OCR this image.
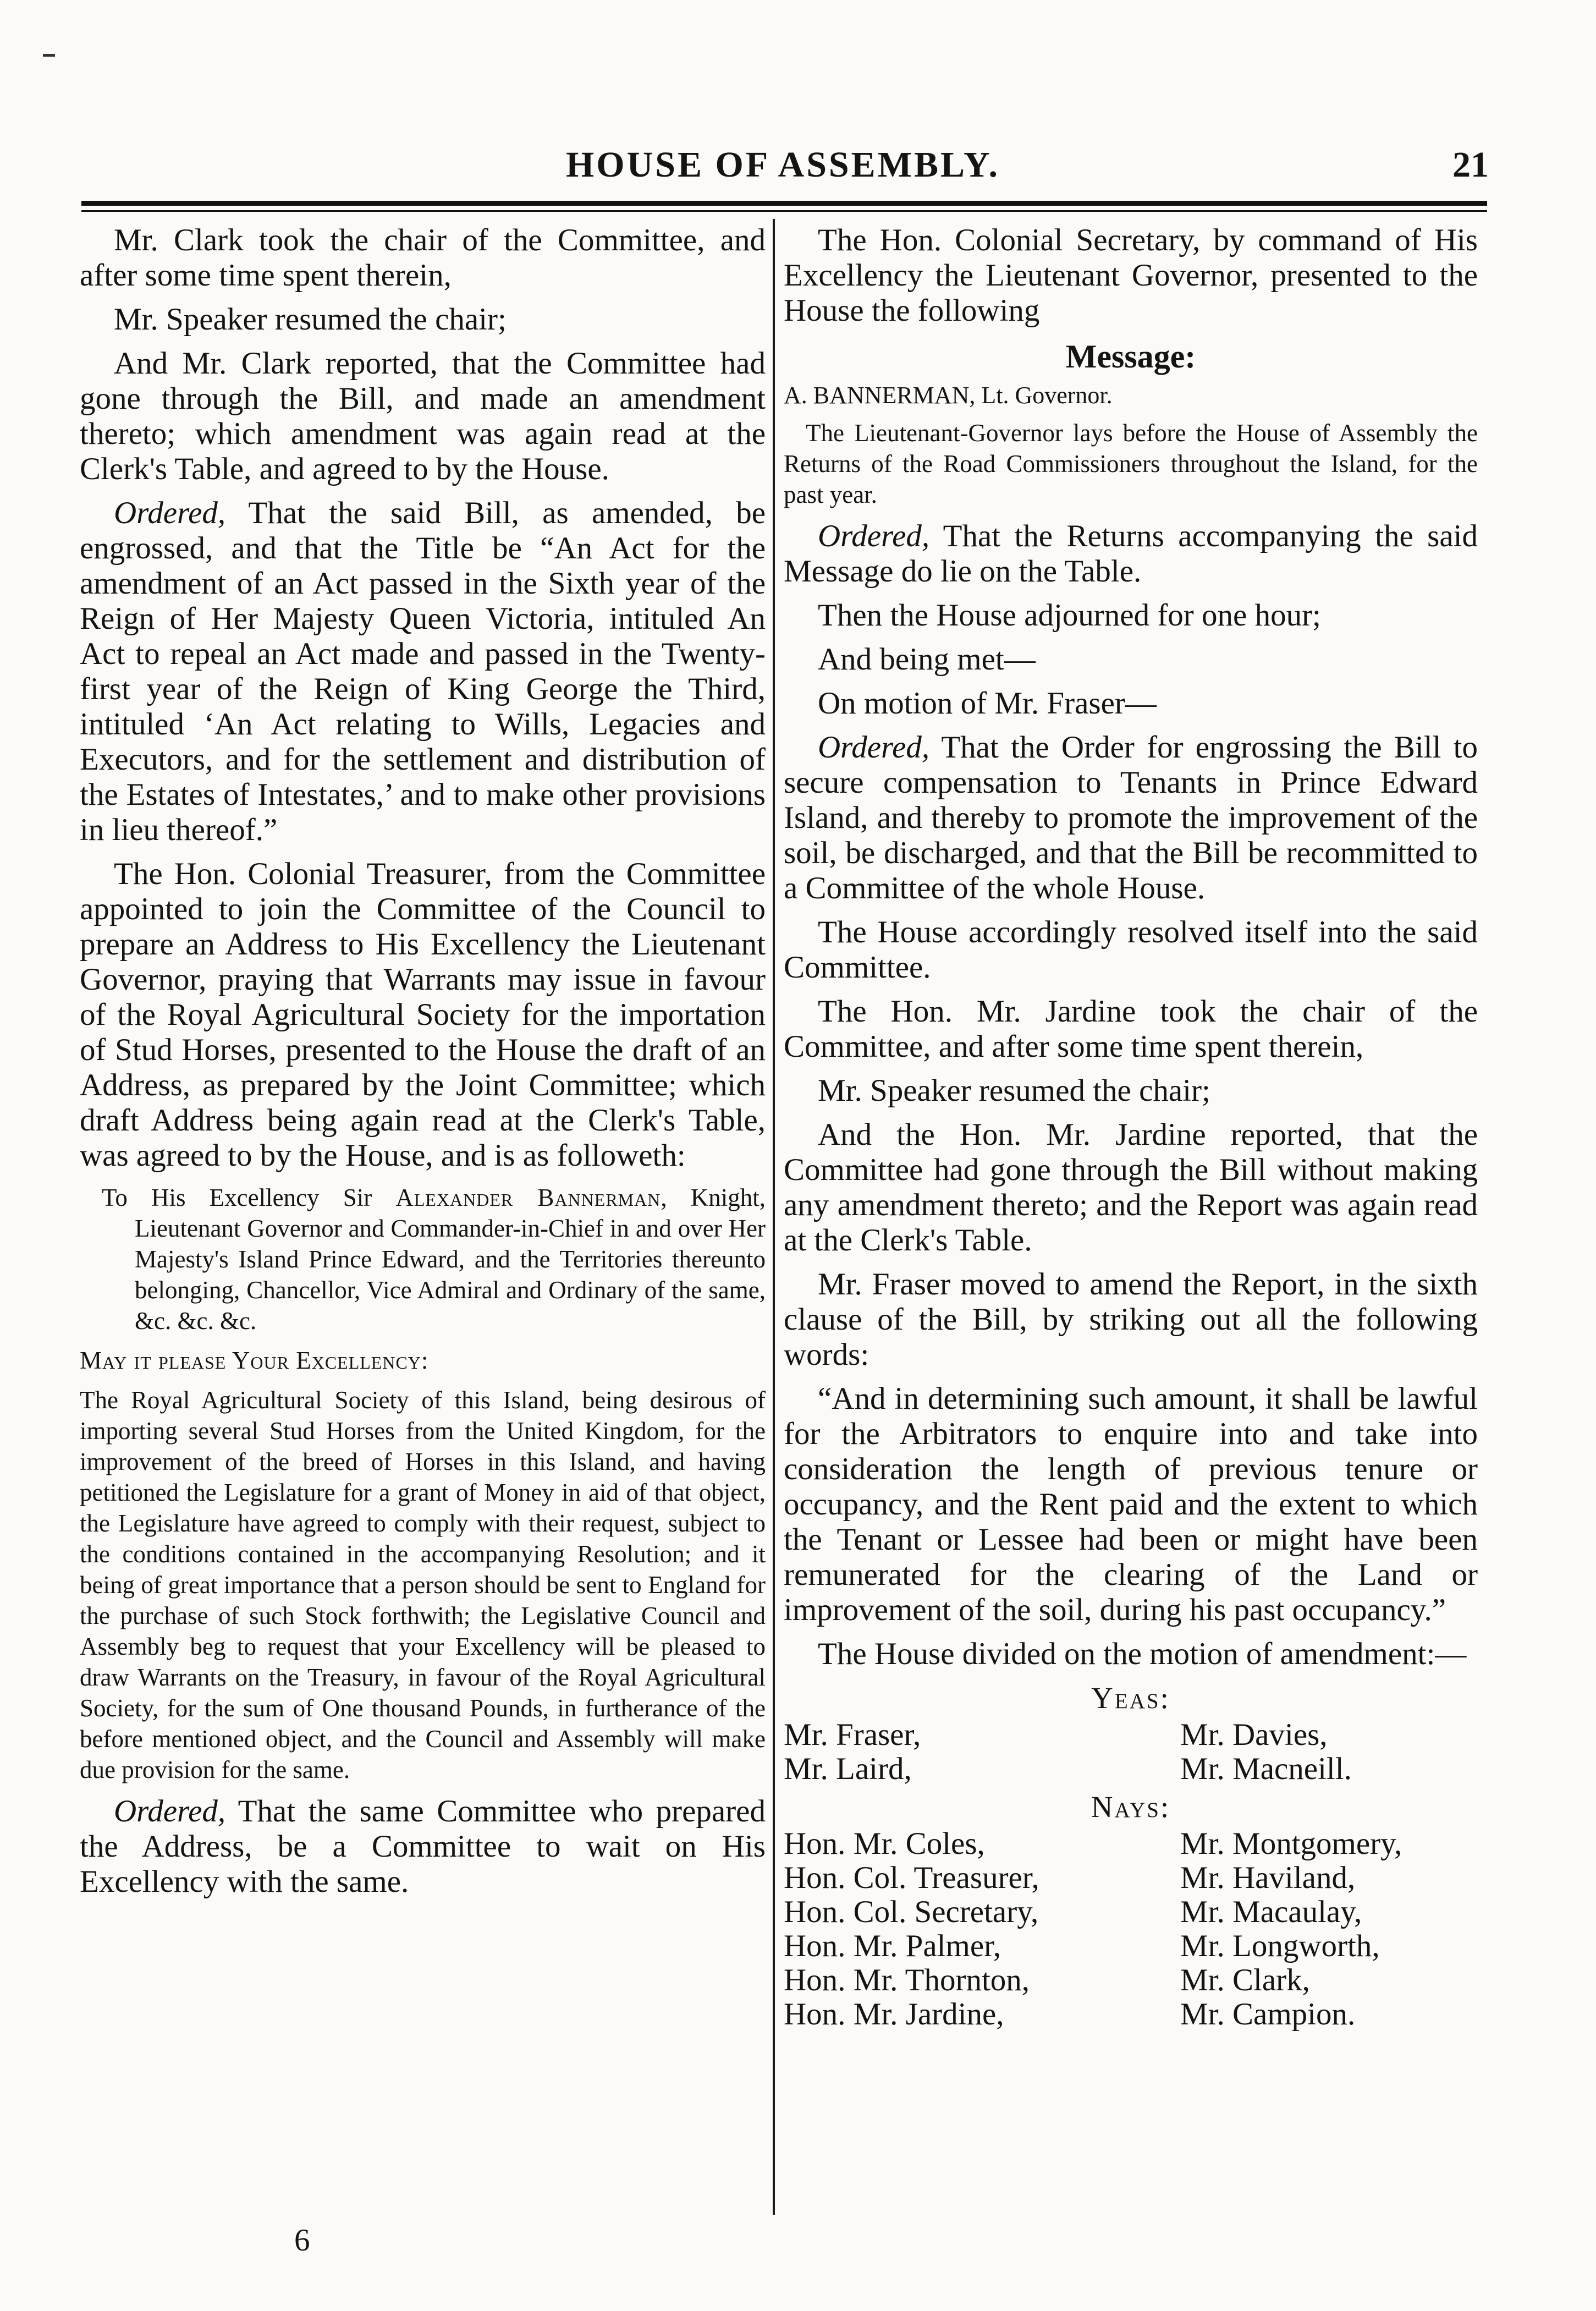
HOUSE OF ASSEMBLY.	21

Mr. Clark took the chair of the Committee, and after some time spent therein,

Mr. Speaker resumed the chair;

And Mr. Clark reported, that the Committee had gone through the Bill, and made an amendment thereto; which amendment was again read at the Clerk's Table, and agreed to by the House.

Ordered, That the said Bill, as amended, be engrossed, and that the Title be “An Act for the amendment of an Act passed in the Sixth year of the Reign of Her Majesty Queen Victoria, intituled An Act to repeal an Act made and passed in the Twenty-first year of the Reign of King George the Third, intituled ‘An Act relating to Wills, Legacies and Executors, and for the settlement and distribution of the Estates of Intestates,’ and to make other provisions in lieu thereof.”

The Hon. Colonial Treasurer, from the Committee appointed to join the Committee of the Council to prepare an Address to His Excellency the Lieutenant Governor, praying that Warrants may issue in favour of the Royal Agricultural Society for the importation of Stud Horses, presented to the House the draft of an Address, as prepared by the Joint Committee; which draft Address being again read at the Clerk's Table, was agreed to by the House, and is as followeth:

To His Excellency Sir Alexander Bannerman, Knight, Lieutenant Governor and Commander-in-Chief in and over Her Majesty's Island Prince Edward, and the Territories thereunto belonging, Chancellor, Vice Admiral and Ordinary of the same, &c. &c. &c.

May it please Your Excellency:

The Royal Agricultural Society of this Island, being desirous of importing several Stud Horses from the United Kingdom, for the improvement of the breed of Horses in this Island, and having petitioned the Legislature for a grant of Money in aid of that object, the Legislature have agreed to comply with their request, subject to the conditions contained in the accompanying Resolution; and it being of great importance that a person should be sent to England for the purchase of such Stock forthwith; the Legislative Council and Assembly beg to request that your Excellency will be pleased to draw Warrants on the Treasury, in favour of the Royal Agricultural Society, for the sum of One thousand Pounds, in furtherance of the before mentioned object, and the Council and Assembly will make due provision for the same.

Ordered, That the same Committee who prepared the Address, be a Committee to wait on His Excellency with the same.

6

The Hon. Colonial Secretary, by command of His Excellency the Lieutenant Governor, presented to the House the following

Message:
A. BANNERMAN, Lt. Governor.

The Lieutenant-Governor lays before the House of Assembly the Returns of the Road Commissioners throughout the Island, for the past year.

Ordered, That the Returns accompanying the said Message do lie on the Table.

Then the House adjourned for one hour;

And being met—

On motion of Mr. Fraser—

Ordered, That the Order for engrossing the Bill to secure compensation to Tenants in Prince Edward Island, and thereby to promote the improvement of the soil, be discharged, and that the Bill be recommitted to a Committee of the whole House.

The House accordingly resolved itself into the said Committee.

The Hon. Mr. Jardine took the chair of the Committee, and after some time spent therein,

Mr. Speaker resumed the chair;

And the Hon. Mr. Jardine reported, that the Committee had gone through the Bill without making any amendment thereto; and the Report was again read at the Clerk's Table.

Mr. Fraser moved to amend the Report, in the sixth clause of the Bill, by striking out all the following words:

“And in determining such amount, it shall be lawful for the Arbitrators to enquire into and take into consideration the length of previous tenure or occupancy, and the Rent paid and the extent to which the Tenant or Lessee had been or might have been remunerated for the clearing of the Land or improvement of the soil, during his past occupancy.”

The House divided on the motion of amendment:—

Yeas:
Mr. Fraser,	Mr. Davies,
Mr. Laird,	Mr. Macneill.
Nays:
Hon. Mr. Coles,	Mr. Montgomery,
Hon. Col. Treasurer,	Mr. Haviland,
Hon. Col. Secretary,	Mr. Macaulay,
Hon. Mr. Palmer,	Mr. Longworth,
Hon. Mr. Thornton,	Mr. Clark,
Hon. Mr. Jardine,	Mr. Campion.
